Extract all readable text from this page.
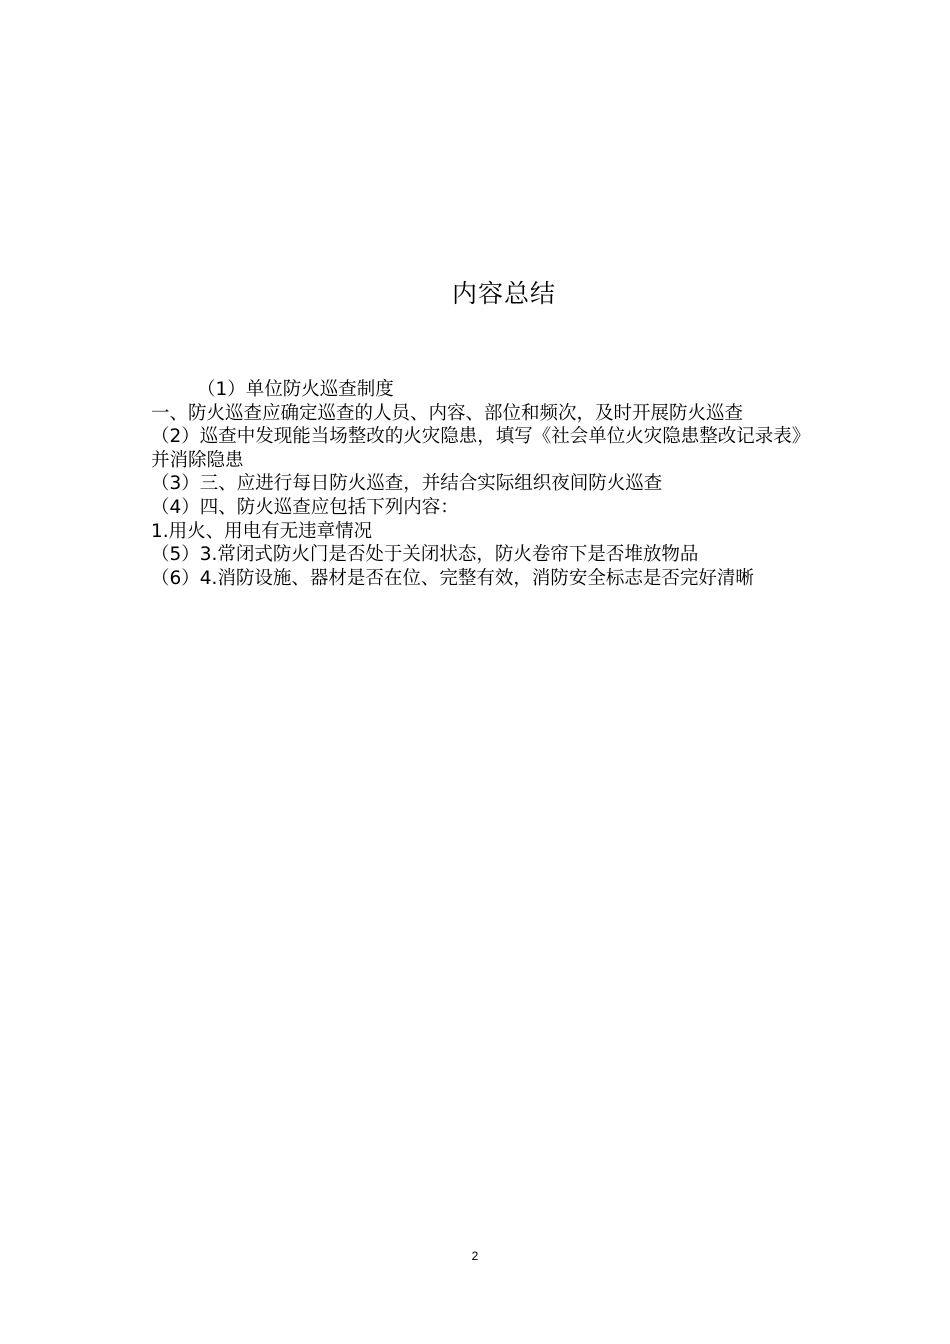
内容总结

（1）单位防火巡查制度

一、防火巡查应确定巡查的人员、内容、部位和频次，及时开展防火巡查

（2）巡查中发现能当场整改的火灾隐患，填写《社会单位火灾隐患整改记录表》并消除隐患

（3）三、应进行每日防火巡查，并结合实际组织夜间防火巡查

（4）四、防火巡查应包括下列内容：

1.用火、用电有无违章情况

（5）3.常闭式防火门是否处于关闭状态，防火卷帘下是否堆放物品

（6）4.消防设施、器材是否在位、完整有效，消防安全标志是否完好清晰

2
